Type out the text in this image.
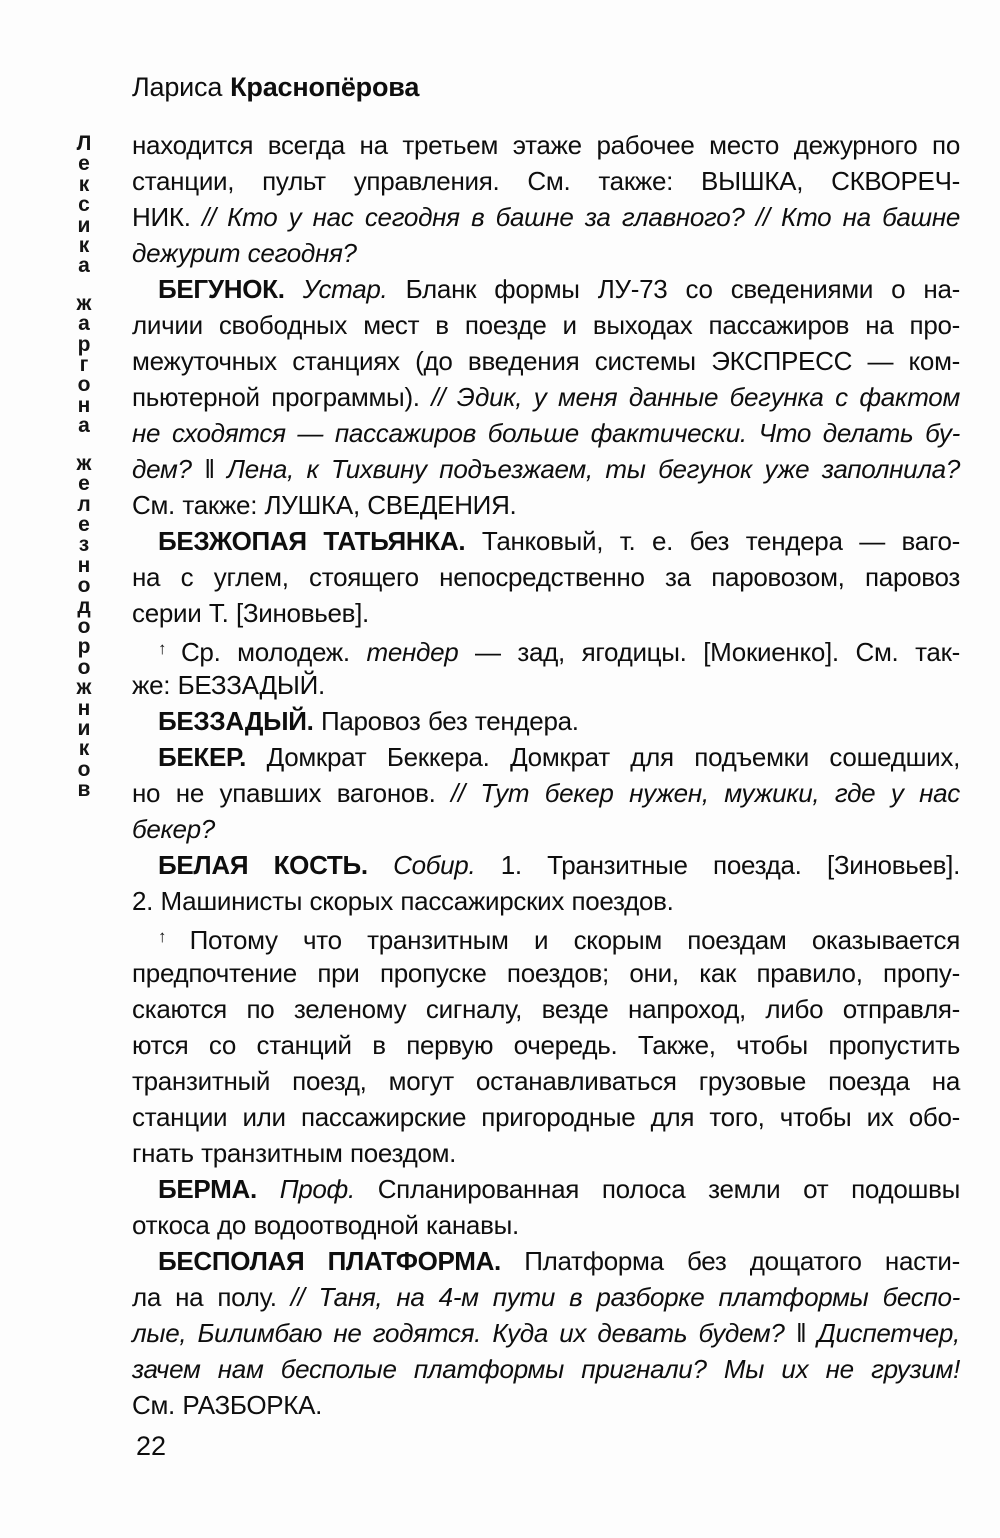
Лариса Краснопёрова
Л
е
к
с
и
к
а
ж
а
р
г
о
н
а
ж
е
л
е
з
н
о
д
о
р
о
ж
н
и
к
о
в
находится всегда на третьем этаже рабочее место дежурного по
станции, пульт управления. См. также: ВЫШКА, СКВОРЕЧ-
НИК. // Кто у нас сегодня в башне за главного? // Кто на башне
дежурит сегодня?
БЕГУНОК. Устар. Бланк формы ЛУ-73 со сведениями о на-
личии свободных мест в поезде и выходах пассажиров на про-
межуточных станциях (до введения системы ЭКСПРЕСС — ком-
пьютерной программы). // Эдик, у меня данные бегунка с фактом
не сходятся — пассажиров больше фактически. Что делать бу-
дем? ‖ Лена, к Тихвину подъезжаем, ты бегунок уже заполнила?
См. также: ЛУШКА, СВЕДЕНИЯ.
БЕЗЖОПАЯ ТАТЬЯНКА. Танковый, т. е. без тендера — ваго-
на с углем, стоящего непосредственно за паровозом, паровоз
серии Т. [Зиновьев].
↑ Ср. молодеж. тендер — зад, ягодицы. [Мокиенко]. См. так-
же: БЕЗЗАДЫЙ.
БЕЗЗАДЫЙ. Паровоз без тендера.
БЕКЕР. Домкрат Беккера. Домкрат для подъемки сошедших,
но не упавших вагонов. // Тут бекер нужен, мужики, где у нас
бекер?
БЕЛАЯ КОСТЬ. Собир. 1. Транзитные поезда. [Зиновьев].
2. Машинисты скорых пассажирских поездов.
↑ Потому что транзитным и скорым поездам оказывается
предпочтение при пропуске поездов; они, как правило, пропу-
скаются по зеленому сигналу, везде напроход, либо отправля-
ются со станций в первую очередь. Также, чтобы пропустить
транзитный поезд, могут останавливаться грузовые поезда на
станции или пассажирские пригородные для того, чтобы их обо-
гнать транзитным поездом.
БЕРМА. Проф. Спланированная полоса земли от подошвы
откоса до водоотводной канавы.
БЕСПОЛАЯ ПЛАТФОРМА. Платформа без дощатого насти-
ла на полу. // Таня, на 4-м пути в разборке платформы беспо-
лые, Билимбаю не годятся. Куда их девать будем? ‖ Диспетчер,
зачем нам бесполые платформы пригнали? Мы их не грузим!
См. РАЗБОРКА.
22
